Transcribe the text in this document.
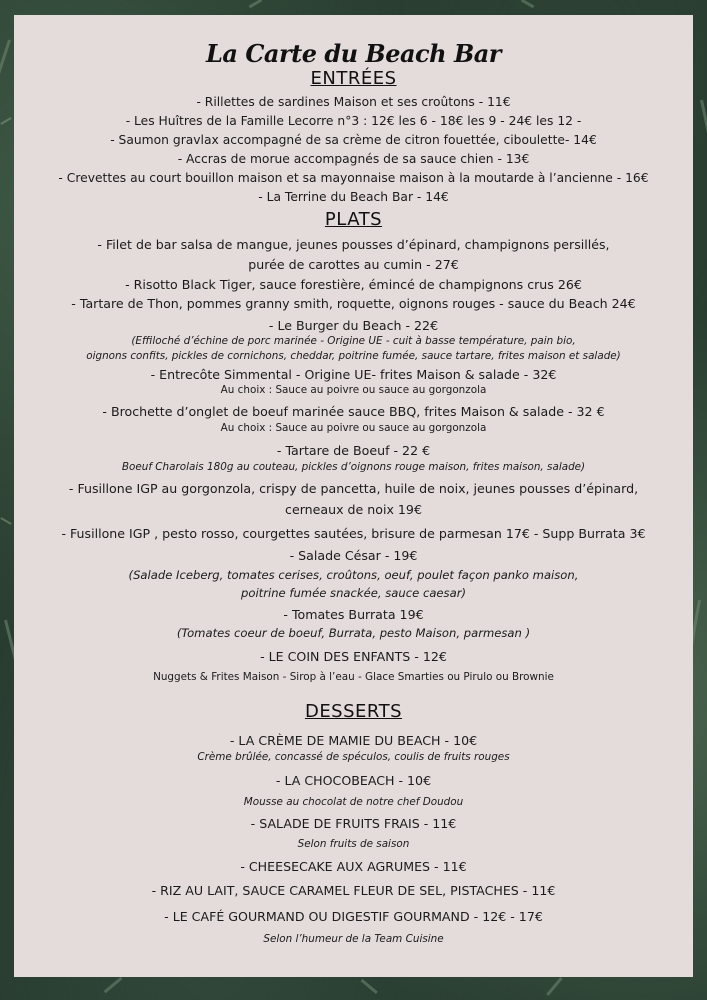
La Carte du Beach Bar
ENTRÉES
- Rillettes de sardines Maison et ses croûtons - 11€
- Les Huîtres de la Famille Lecorre n°3 : 12€ les 6 - 18€ les 9 - 24€ les 12 -
- Saumon gravlax accompagné de sa crème de citron fouettée, ciboulette- 14€
- Accras de morue accompagnés de sa sauce chien - 13€
- Crevettes au court bouillon maison et sa mayonnaise maison à la moutarde à l’ancienne - 16€
- La Terrine du Beach Bar - 14€
PLATS
- Filet de bar salsa de mangue, jeunes pousses d’épinard, champignons persillés,
purée de carottes au cumin - 27€
- Risotto Black Tiger, sauce forestière, émincé de champignons crus 26€
- Tartare de Thon, pommes granny smith, roquette, oignons rouges - sauce du Beach 24€
- Le Burger du Beach - 22€
(Effiloché d’échine de porc marinée - Origine UE - cuit à basse température, pain bio,
oignons confits, pickles de cornichons, cheddar, poitrine fumée, sauce tartare, frites maison et salade)
- Entrecôte Simmental - Origine UE- frites Maison & salade - 32€
Au choix : Sauce au poivre ou sauce au gorgonzola
- Brochette d’onglet de boeuf marinée sauce BBQ, frites Maison & salade - 32 €
Au choix : Sauce au poivre ou sauce au gorgonzola
- Tartare de Boeuf - 22 €
Boeuf Charolais 180g au couteau, pickles d’oignons rouge maison, frites maison, salade)
- Fusillone IGP au gorgonzola, crispy de pancetta, huile de noix, jeunes pousses d’épinard,
cerneaux de noix 19€
- Fusillone IGP , pesto rosso, courgettes sautées, brisure de parmesan 17€ - Supp Burrata 3€
- Salade César - 19€
(Salade Iceberg, tomates cerises, croûtons, oeuf, poulet façon panko maison,
poitrine fumée snackée, sauce caesar)
- Tomates Burrata 19€
(Tomates coeur de boeuf, Burrata, pesto Maison, parmesan )
- LE COIN DES ENFANTS - 12€
Nuggets & Frites Maison - Sirop à l’eau - Glace Smarties ou Pirulo ou Brownie
DESSERTS
- LA CRÈME DE MAMIE DU BEACH - 10€
Crème brûlée, concassé de spéculos, coulis de fruits rouges
- LA CHOCOBEACH - 10€
Mousse au chocolat de notre chef Doudou
- SALADE DE FRUITS FRAIS - 11€
Selon fruits de saison
- CHEESECAKE AUX AGRUMES - 11€
- RIZ AU LAIT, SAUCE CARAMEL FLEUR DE SEL, PISTACHES - 11€
- LE CAFÉ GOURMAND OU DIGESTIF GOURMAND - 12€ - 17€
Selon l’humeur de la Team Cuisine
